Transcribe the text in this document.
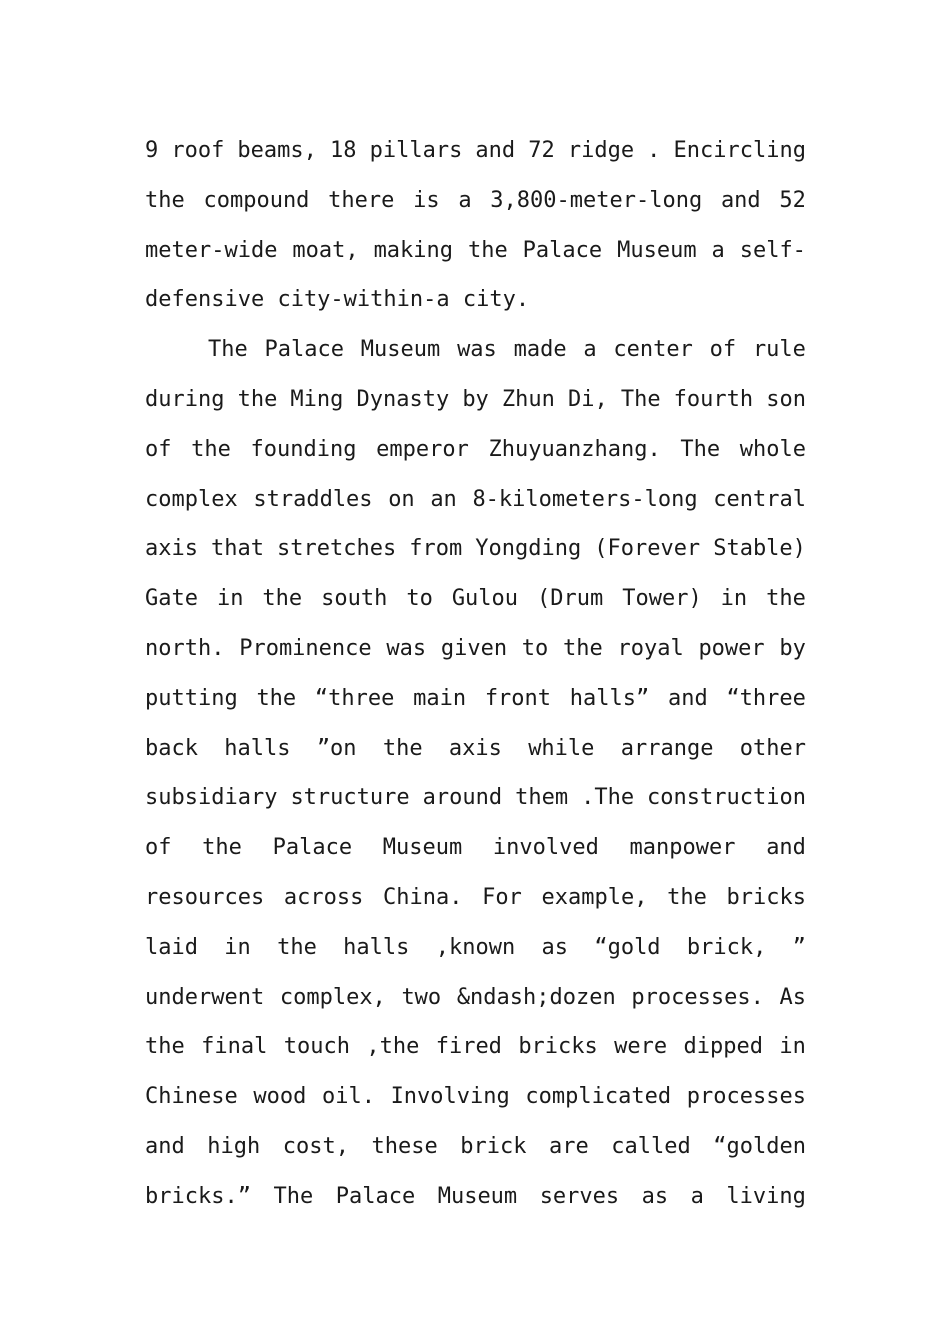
9 roof beams, 18 pillars and 72 ridge . Encircling
the compound there is a 3,800-meter-long and 52
meter-wide moat, making the Palace Museum a self-
defensive city-within-a city.
The Palace Museum was made a center of rule
during the Ming Dynasty by Zhun Di, The fourth son
of the founding emperor Zhuyuanzhang. The whole
complex straddles on an 8-kilometers-long central
axis that stretches from Yongding (Forever Stable)
Gate in the south to Gulou (Drum Tower) in the
north. Prominence was given to the royal power by
putting the “three main front halls” and “three
back halls ”on the axis while arrange other
subsidiary structure around them .The construction
of the Palace Museum involved manpower and
resources across China. For example, the bricks
laid in the halls ,known as “gold brick, ”
underwent complex, two &ndash;dozen processes. As
the final touch ,the fired bricks were dipped in
Chinese wood oil. Involving complicated processes
and high cost, these brick are called “golden
bricks.” The Palace Museum serves as a living
